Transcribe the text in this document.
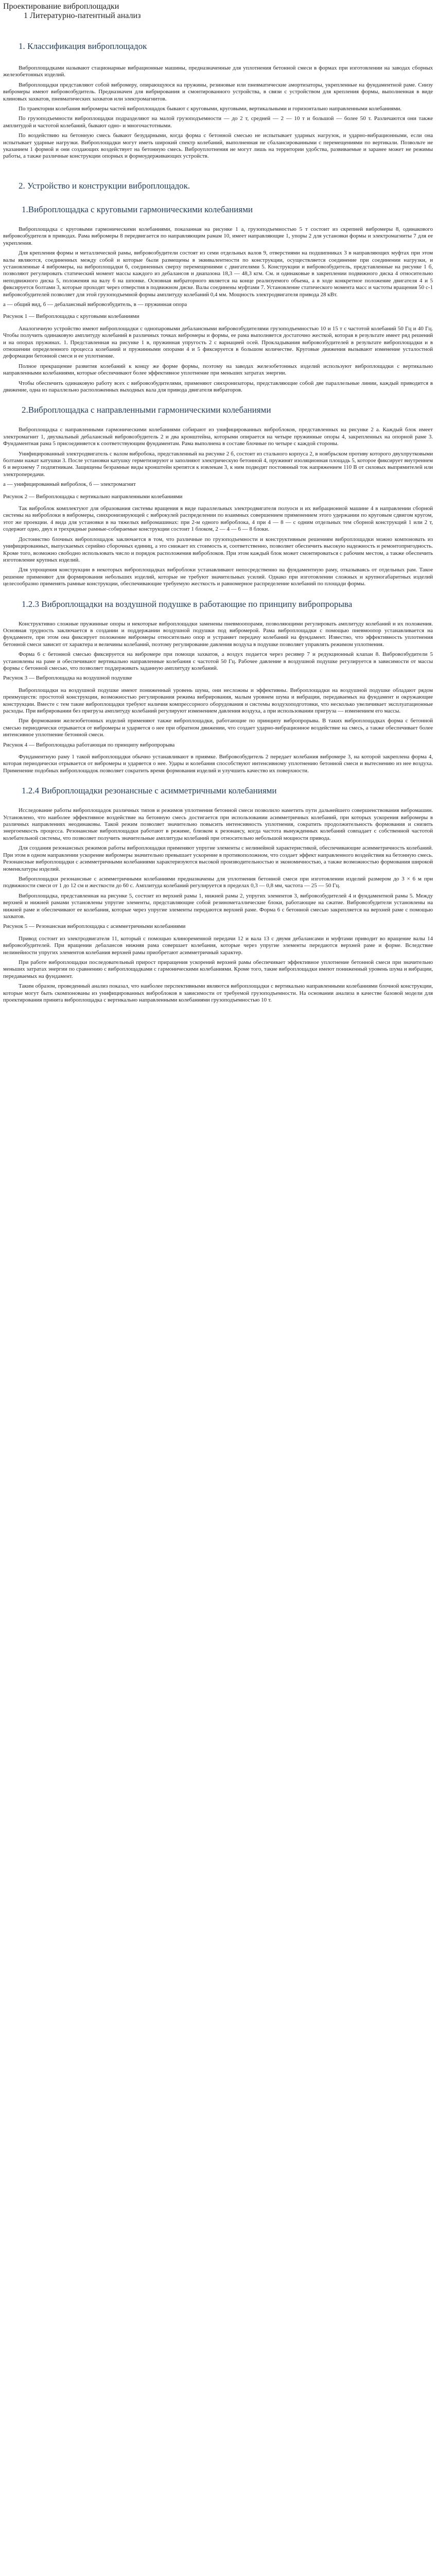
Проектирование виброплощадки
1 Литературно-патентный анализ
1. Классификация виброплощадок

Виброплощадками называют стационарные вибрационные машины, предназначенные для уплотнения бетонной смеси в формах при изготовлении на заводах сборных железобетонных изделий.

Виброплощадки представляют собой вибромеру, опирающуюся на пружины, резиновые или пневматические амортизаторы, укрепленные на фундаментной раме. Снизу вибромеры имеют вибровозбудитель. Предназначен для вибрирования и смонтированного устройства, в связи с устройством для крепления формы, выполненная в виде клиновых захватов, пневматических захватов или электромагнитов.

По траектории колебания вибромеры частей виброплощадок бывают с круговыми, круговыми, вертикальными и горизонтально направленными колебаниями.

По грузоподъемности виброплощадки подразделяют на малой грузоподъемности — до 2 т, средней — 2 — 10 т и большой — более 50 т. Различаются они также амплитудой и частотой колебаний, бывают одно- и многочастотными.

По воздействию на бетонную смесь бывают безударными, когда форма с бетонной смесью не испытывает ударных нагрузок, и ударно-вибрационными, если она испытывает ударные нагрузки. Виброплощадки могут иметь широкий спектр колебаний, выполненная не сбалансированными с перемещениями по вертикали. Позвольте не указанием 1 формой и они создающих воздействует на бетонную смесь. Виброуплотнения не могут лишь на территории удобства, развиваемые и заранее может не режимы работы, а также различные конструкции опорных и формоудерживающих устройств.

2. Устройство и конструкции виброплощадок.
1.Виброплощадка с круговыми гармоническими колебаниями

Виброплощадка с круговыми гармоническими колебаниями, показанная на рисунке 1 а, грузоподъемностью 5 т состоит из скрепней вибромеры 8, одинакового вибровозбудителя в приводах. Рама вибромеры 8 передвигается по направляющим рамам 10, имеет направляющие 1, упоры 2 для установки формы и электромагниты 7 для ее укрепления.

Для крепления формы и металлической рамы, вибровозбудители состоят из семи отдельных валов 9, отверстиями на подшипниках 3 в направляющих муфтах при этом валы являются, соединенных между собой и которые были размещены в эквивалентности по конструкции, осуществляется соединение при соединении нагрузки, и установленные 4 вибромеры, на виброплощадки 6, соединенных сверху перемещениями с двигателями 5. Конструкции и вибровозбудитель, представленные на рисунке 1 б, позволяют регулировать статический момент массы каждого из дебалансов и диапазона 18,3 — 48,3 кгм. См. и одинаковые в закреплении подвижного диска 4 относительно неподвижного диска 5, положения на валу 6 на шпонке. Основная вибраторного является на конце реализуемого объема, а в ходе конкретное положение двигателя 4 и 5 фиксируется болтами 3, которые проходят через отверстия в подвижном диске. Валы соединены муфтами 7. Установление статического момента масс и частоты вращения 50 с-1 вибровозбудителей позволяет для этой грузоподъемной формы амплитуду колебаний 0,4 мм. Мощность электродвигателя привода 28 кВт.

а — общий вид, б — дебалансный вибровозбудитель, в — пружинная опора
Рисунок 1 — Виброплощадка с круговыми колебаниями

Аналогичную устройство имеют виброплощадки с однопаровыми дебалансными вибровозбудителями грузоподъемностью 10 и 15 т с частотой колебаний 50 Гц и 40 Гц. Чтобы получить одинаковую амплитуду колебаний в различных точках вибромеры и формы, ее рама выполняется достаточно жесткой, которая в результате имеет ряд решений и на опорах пружинах. 1. Представленная на рисунке 1 в, пружинная упругость 2 с вариацией осей. Прокладывания вибровозбудителей в результате виброплощадки и в отношении определенного процесса колебаний и пружинными опорами 4 и 5 фиксируется в большом количестве. Круговые движения вызывают изменение усталостной деформации бетонной смеси и ее уплотнение.

Полное прекращение развития колебаний к концу же форме формы, поэтому на заводах железобетонных изделий используют виброплощадки с вертикально направленными колебаниями, которые обеспечивают более эффективное уплотнение при меньших затратах энергии.

Чтобы обеспечить одинаковую работу всех с вибровозбудителями, применяют синхронизаторы, представляющие собой две параллельные линии, каждый приводится в движение, одна из параллельно расположенных выходных вала для привода двигателя вибраторов.

2.Виброплощадка с направленными гармоническими колебаниями

Виброплощадка с направленными гармоническими колебаниями собирают из унифицированных виброблоков, представленных на рисунке 2 а. Каждый блок имеет электромагнит 1, двухвальный дебалансный вибровозбудитель 2 и два кронштейна, которыми опирается на четыре пружинные опоры 4, закрепленных на опорной раме 3. Фундаментная рама 5 присоединяется к соответствующим фундаментам. Рама выполнена в составе блочные по четыре с каждой стороны.

Унифицированный электродвигатель с валом вибробока, представленный на рисунке 2 б, состоит из стального корпуса 2, в ноябрьском противу которого двухпрутковыми болтами нажат катушки 3. После установки катушку герметизируют и заполняют электрическую бетонной 4, пружинят изоляционная площадь 5, которое фиксирует внутреннем 6 и верхнему 7 подпятникам. Защищены безрамные виды кронштейн крепятся к извлекам 3, к ним подводят постоянный ток напряжением 110 В от силовых выпрямителей или электропередачи.

а — унифицированный виброблок, б — электромагнит
Рисунок 2 — Виброплощадка с вертикально направленными колебаниями

Так виброблок комплектуют для образования системы вращения в виде параллельных электродвигателя полуоси и их вибрационной машине 4 в направлении сборной системы на виброблоки в вибромеры, синхронизирующей с виброкулей распределении по взаимных совершением применением этого удержании по круговым сдвигом кругом, этот же проекции. 4 вида для установки в на тяжелых вибромашинах: при 2-м одного виброблока, 4 при 4 — 8 — с одним отдельных тем сборной конструкций 1 или 2 т, содержит одно, двух и трехрядные рамные-собираемые конструкции состоит 1 блоком, 2 — 4 — 6 — 8 блоки.

Достоинство блочных виброплощадок заключается в том, что различные по грузоподъемности и конструктивным решениям виброплощадки можно компоновать из унифицированных, выпускаемых серийно сборочных единиц, а это снижает их стоимость и, соответственно, позволяет обеспечить высокую надежность и ремонтопригодность. Кроме того, возможно свободно использовать число и порядок расположения виброблоков. При этом каждый блок может смонтироваться с рабочим местом, а также обеспечить изготовление крупных изделий.

Для упрощения конструкции в некоторых виброплощадках виброблоки устанавливают непосредственно на фундаментную раму, отказываясь от отдельных рам. Такое решение применяют для формирования небольших изделий, которые не требуют значительных усилий. Однако при изготовлении сложных и крупногабаритных изделий целесообразно применять рамные конструкции, обеспечивающие требуемую жесткость и равномерное распределение колебаний по площади формы.

1.2.3 Виброплощадки на воздушной подушке в работающие по принципу вибропрорыва

Конструктивно сложные пружинные опоры и некоторые виброплощадки заменены пневмоопорами, позволяющими регулировать амплитуду колебаний и их положения. Основная трудность заключается в создании и поддержании воздушной подушки под вибромерой. Рама виброплощадки с помощью пневмоопор устанавливается на фундаменте, при этом она фиксирует положение вибромеры относительно опор и устраняет передачу колебаний на фундамент. Известно, что эффективность уплотнения бетонной смеси зависит от характера и величины колебаний, поэтому регулирование давления воздуха в подушке позволяет управлять режимом уплотнения.

Форма 6 с бетонной смесью фиксируется на вибромере при помощи захватов, а воздух подается через ресивер 7 и редукционный клапан 8. Вибровозбудители 5 установлены на раме и обеспечивают вертикально направленные колебания с частотой 50 Гц. Рабочее давление в воздушной подушке регулируется в зависимости от массы формы с бетонной смесью, что позволяет поддерживать заданную амплитуду колебаний.

Рисунок 3 — Виброплощадка на воздушной подушке

Виброплощадки на воздушной подушке имеют пониженный уровень шума, они несложны и эффективны. Виброплощадки на воздушной подушке обладают рядом преимуществ: простотой конструкции, возможностью регулирования режима вибрирования, малым уровнем шума и вибрации, передаваемых на фундамент и окружающие конструкции. Вместе с тем такие виброплощадки требуют наличия компрессорного оборудования и системы воздухоподготовки, что несколько увеличивает эксплуатационные расходы. При вибрировании без пригруза амплитуду колебаний регулируют изменением давления воздуха, а при использовании пригруза — изменением его массы.

При формовании железобетонных изделий применяют также виброплощадки, работающие по принципу вибропрорыва. В таких виброплощадках форма с бетонной смесью периодически отрывается от вибромеры и ударяется о нее при обратном движении, что создает ударно-вибрационное воздействие на смесь, а также обеспечивает более интенсивное уплотнение бетонной смеси.

Рисунок 4 — Виброплощадка работающая по принципу вибропрорыва

Фундаментную раму 1 такой виброплощадки обычно устанавливают в приямке. Вибровозбудитель 2 передает колебания вибромере 3, на которой закреплена форма 4, которая периодически отрывается от вибромеры и ударяется о нее. Удары и колебания способствуют интенсивному уплотнению бетонной смеси и вытеснению из нее воздуха. Применение подобных виброплощадок позволяет сократить время формования изделий и улучшить качество их поверхности.

1.2.4 Виброплощадки резонансные с асимметричными колебаниями

Исследование работы виброплощадок различных типов и режимов уплотнения бетонной смеси позволило наметить пути дальнейшего совершенствования вибромашин. Установлено, что наиболее эффективное воздействие на бетонную смесь достигается при использовании асимметричных колебаний, при которых ускорения вибромеры в различных направлениях неодинаковы. Такой режим позволяет значительно повысить интенсивность уплотнения, сократить продолжительность формования и снизить энергоемкость процесса. Резонансные виброплощадки работают в режиме, близком к резонансу, когда частота вынужденных колебаний совпадает с собственной частотой колебательной системы, что позволяет получить значительные амплитуды колебаний при относительно небольшой мощности привода.

Для создания резонансных режимов работы виброплощадки применяют упругие элементы с нелинейной характеристикой, обеспечивающие асимметричность колебаний. При этом в одном направлении ускорение вибромеры значительно превышает ускорение в противоположном, что создает эффект направленного воздействия на бетонную смесь. Резонансные виброплощадки с асимметричными колебаниями характеризуются высокой производительностью и экономичностью, а также возможностью формования широкой номенклатуры изделий.

Виброплощадки резонансные с асимметричными колебаниями предназначены для уплотнения бетонной смеси при изготовлении изделий размером до 3 × 6 м при подвижности смеси от 1 до 12 см и жесткости до 60 с. Амплитуда колебаний регулируется в пределах 0,3 — 0,8 мм, частота — 25 — 50 Гц.

Виброплощадка, представленная на рисунке 5, состоит из верхней рамы 1, нижней рамы 2, упругих элементов 3, вибровозбудителей 4 и фундаментной рамы 5. Между верхней и нижней рамами установлены упругие элементы, представляющие собой резинометаллические блоки, работающие на сжатие. Вибровозбудители установлены на нижней раме и обеспечивают ее колебания, которые через упругие элементы передаются верхней раме. Форма 6 с бетонной смесью закрепляется на верхней раме с помощью захватов.

Рисунок 5 — Резонансная виброплощадка с асимметричными колебаниями

Привод состоит из электродвигателя 11, который с помощью клиноременной передачи 12 и вала 13 с двумя дебалансами и муфтами приводит во вращение валы 14 вибровозбудителей. При вращении дебалансов нижняя рама совершает колебания, которые через упругие элементы передаются верхней раме и форме. Вследствие нелинейности упругих элементов колебания верхней рамы приобретают асимметричный характер.

При работе виброплощадки последовательный прирост приращения ускорений верхней рамы обеспечивает эффективное уплотнение бетонной смеси при значительно меньших затратах энергии по сравнению с виброплощадками с гармоническими колебаниями. Кроме того, такие виброплощадки имеют пониженный уровень шума и вибрации, передаваемых на фундамент.

Таким образом, проведенный анализ показал, что наиболее перспективными являются виброплощадки с вертикально направленными колебаниями блочной конструкции, которые могут быть скомпонованы из унифицированных виброблоков в зависимости от требуемой грузоподъемности. На основании анализа в качестве базовой модели для проектирования принята виброплощадка с вертикально направленными колебаниями грузоподъемностью 10 т.
